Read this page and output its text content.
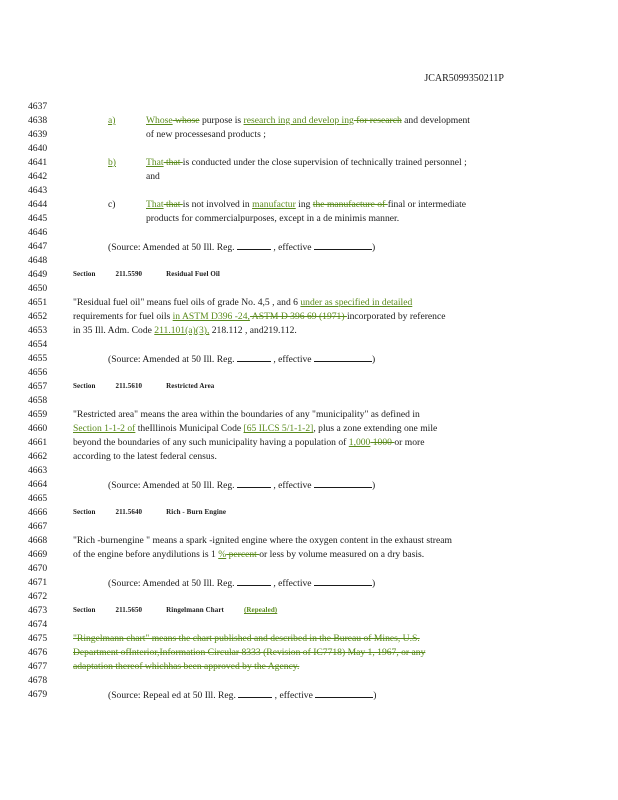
JCAR5099350211P
4637
4638
4639
4640
4641
4642
4643
4644
4645
4646
4647
4648
4649
4650
4651
4652
4653
4654
4655
4656
4657
4658
4659
4660
4661
4662
4663
4664
4665
4666
4667
4668
4669
4670
4671
4672
4673
4674
4675
4676
4677
4678
4679
a)	Whose whose purpose is research ing and develop ing for research and development
of new processesand products ;
b)	That that is conducted under the close supervision of technically trained personnel ;
and
c)	That that is not involved in manufactur ing the manufacture of final or intermediate
products for commercialpurposes, except in a de minimis manner.
(Source: Amended at 50 Ill. Reg.	, effective	)
Section	211.5590	Residual Fuel Oil
"Residual fuel oil" means fuel oils of grade No. 4,5 , and 6 under as specified in detailed
requirements for fuel oils in ASTM D396 -24, ASTM D 396 69 (1971) incorporated by reference
in 35 Ill. Adm. Code 211.101(a)(3), 218.112 , and219.112.
(Source: Amended at 50 Ill. Reg.	, effective	)
Section	211.5610	Restricted Area
"Restricted area" means the area within the boundaries of any "municipality" as defined in
Section 1-1-2 of theIllinois Municipal Code [65 ILCS 5/1-1-2], plus a zone extending one mile
beyond the boundaries of any such municipality having a population of 1,000 1000 or more
according to the latest federal census.
(Source: Amended at 50 Ill. Reg.	, effective	)
Section	211.5640	Rich - Burn Engine
"Rich -burnengine " means a spark -ignited engine where the oxygen content in the exhaust stream
of the engine before anydilutions is 1 % percent or less by volume measured on a dry basis.
(Source: Amended at 50 Ill. Reg.	, effective	)
Section	211.5650	Ringelmann Chart	(Repealed)
"Ringelmann chart" means the chart published and described in the Bureau of Mines, U.S.
Department ofInterior,Information Circular 8333 (Revision of IC7718) May 1, 1967, or any
adaptation thereof whichhas been approved by the Agency.
(Source: Repeal ed at 50 Ill. Reg.	, effective	)
